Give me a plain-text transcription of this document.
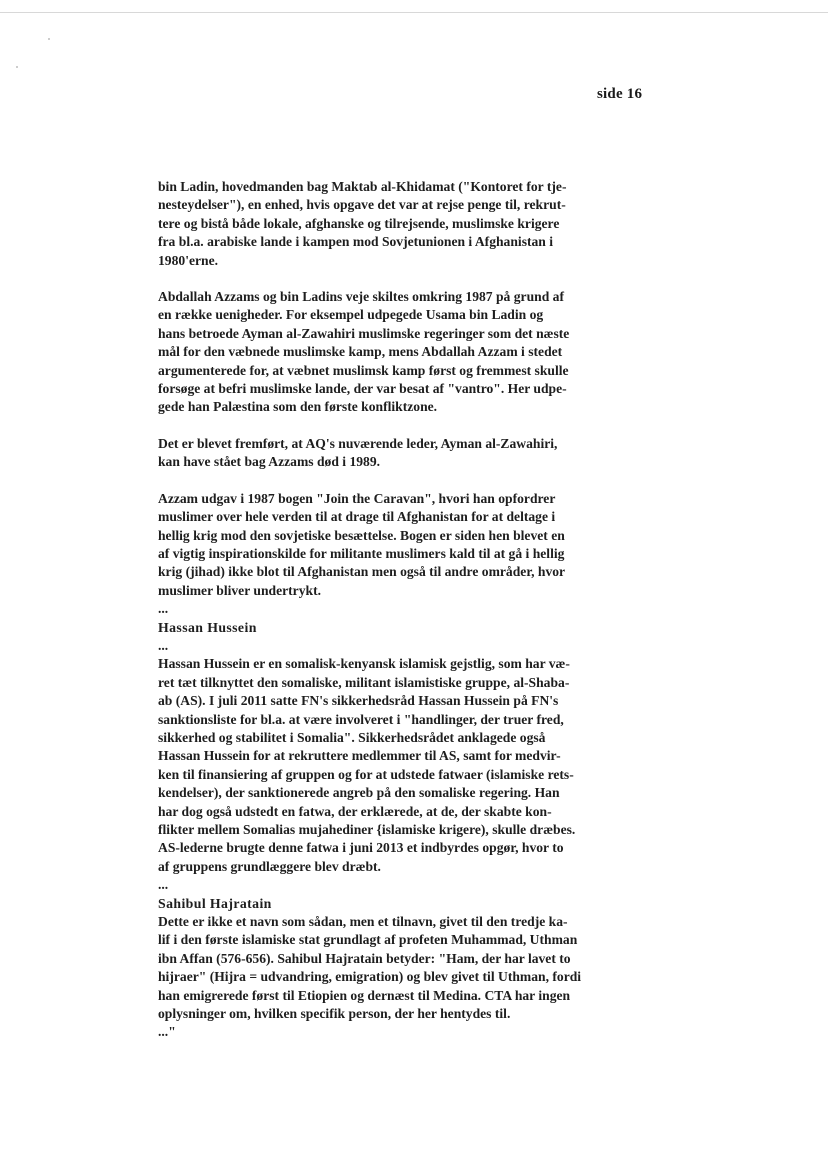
side 16

bin Ladin, hovedmanden bag Maktab al-Khidamat ("Kontoret for tje-
nesteydelser"), en enhed, hvis opgave det var at rejse penge til, rekrut-
tere og bistå både lokale, afghanske og tilrejsende, muslimske krigere
fra bl.a. arabiske lande i kampen mod Sovjetunionen i Afghanistan i
1980'erne.

Abdallah Azzams og bin Ladins veje skiltes omkring 1987 på grund af
en række uenigheder. For eksempel udpegede Usama bin Ladin og
hans betroede Ayman al-Zawahiri muslimske regeringer som det næste
mål for den væbnede muslimske kamp, mens Abdallah Azzam i stedet
argumenterede for, at væbnet muslimsk kamp først og fremmest skulle
forsøge at befri muslimske lande, der var besat af "vantro". Her udpe-
gede han Palæstina som den første konfliktzone.

Det er blevet fremført, at AQ's nuværende leder, Ayman al-Zawahiri,
kan have stået bag Azzams død i 1989.

Azzam udgav i 1987 bogen "Join the Caravan", hvori han opfordrer
muslimer over hele verden til at drage til Afghanistan for at deltage i
hellig krig mod den sovjetiske besættelse. Bogen er siden hen blevet en
af vigtig inspirationskilde for militante muslimers kald til at gå i hellig
krig (jihad) ikke blot til Afghanistan men også til andre områder, hvor
muslimer bliver undertrykt.

...
Hassan Hussein
...
Hassan Hussein er en somalisk-kenyansk islamisk gejstlig, som har væ-
ret tæt tilknyttet den somaliske, militant islamistiske gruppe, al-Shaba-
ab (AS). I juli 2011 satte FN's sikkerhedsråd Hassan Hussein på FN's
sanktionsliste for bl.a. at være involveret i "handlinger, der truer fred,
sikkerhed og stabilitet i Somalia". Sikkerhedsrådet anklagede også
Hassan Hussein for at rekruttere medlemmer til AS, samt for medvir-
ken til finansiering af gruppen og for at udstede fatwaer (islamiske rets-
kendelser), der sanktionerede angreb på den somaliske regering. Han
har dog også udstedt en fatwa, der erklærede, at de, der skabte kon-
flikter mellem Somalias mujahediner {islamiske krigere), skulle dræbes.
AS-lederne brugte denne fatwa i juni 2013 et indbyrdes opgør, hvor to
af gruppens grundlæggere blev dræbt.
...
Sahibul Hajratain
Dette er ikke et navn som sådan, men et tilnavn, givet til den tredje ka-
lif i den første islamiske stat grundlagt af profeten Muhammad, Uthman
ibn Affan (576-656). Sahibul Hajratain betyder: "Ham, der har lavet to
hijraer" (Hijra = udvandring, emigration) og blev givet til Uthman, fordi
han emigrerede først til Etiopien og dernæst til Medina. CTA har ingen
oplysninger om, hvilken specifik person, der her hentydes til.
..."
